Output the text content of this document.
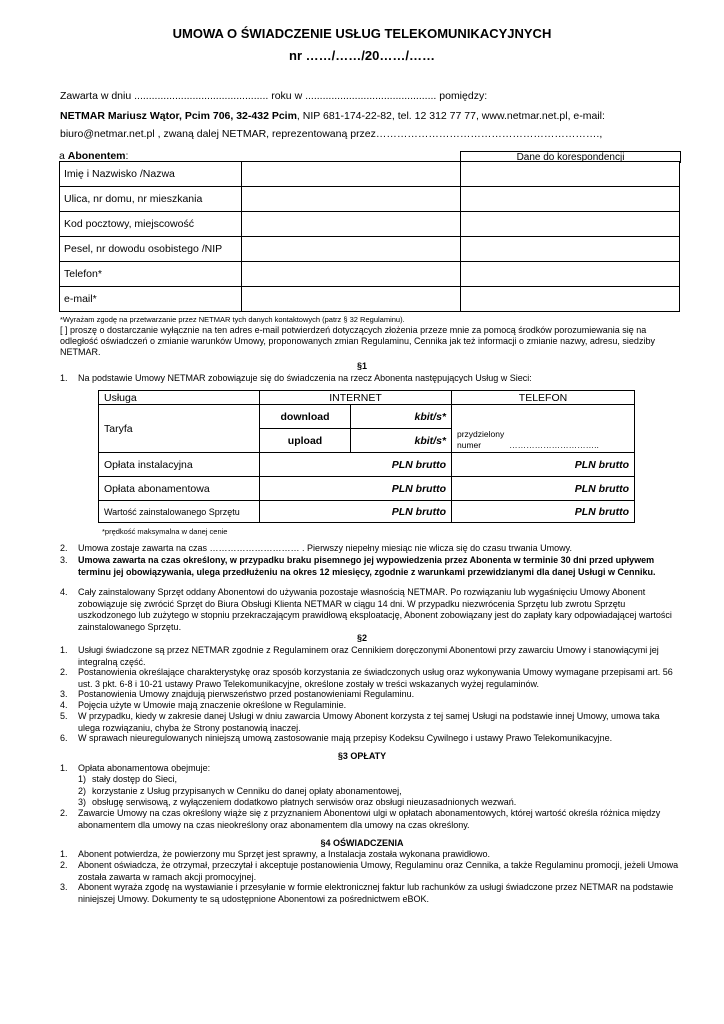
UMOWA O ŚWIADCZENIE USŁUG TELEKOMUNIKACYJNYCH
nr ……/……/20……/……
Zawarta w dniu .............................................. roku w ............................................. pomiędzy:
NETMAR Mariusz Wątor, Pcim 706, 32-432 Pcim, NIP 681-174-22-82, tel. 12 312 77 77, www.netmar.net.pl, e-mail:
biuro@netmar.net.pl , zwaną dalej NETMAR, reprezentowaną przez……………………………………………………….,
a Abonentem:	Dane do korespondencji
Imię i Nazwisko /Nazwa		
Ulica, nr domu, nr mieszkania		
Kod pocztowy, miejscowość		
Pesel, nr dowodu osobistego /NIP		
Telefon*		
e-mail*		
*Wyrażam zgodę na przetwarzanie przez NETMAR tych danych kontaktowych (patrz § 32 Regulaminu).
[ ] proszę o dostarczanie wyłącznie na ten adres e-mail potwierdzeń dotyczących złożenia przeze mnie za pomocą środków porozumiewania się na odległość oświadczeń o zmianie warunków Umowy, proponowanych zmian Regulaminu, Cennika jak też informacji o zmianie nazwy, adresu, siedziby NETMAR.
§1
1. Na podstawie Umowy NETMAR zobowiązuje się do świadczenia na rzecz Abonenta następujących Usług w Sieci:
Usługa	INTERNET		TELEFON
Taryfa	download	kbit/s*	przydzielony
numer …………………………..

	upload	kbit/s*	
Opłata instalacyjna	PLN brutto		PLN brutto
Opłata abonamentowa	PLN brutto		PLN brutto
Wartość zainstalowanego Sprzętu	PLN brutto		PLN brutto
*prędkość maksymalna w danej cenie
2. Umowa zostaje zawarta na czas ………………………… . Pierwszy niepełny miesiąc nie wlicza się do czasu trwania Umowy.
3. Umowa zawarta na czas określony, w przypadku braku pisemnego jej wypowiedzenia przez Abonenta w terminie 30 dni przed upływem terminu jej obowiązywania, ulega przedłużeniu na okres 12 miesięcy, zgodnie z warunkami przewidzianymi dla danej Usługi w Cenniku.
4. Cały zainstalowany Sprzęt oddany Abonentowi do używania pozostaje własnością NETMAR. Po rozwiązaniu lub wygaśnięciu Umowy Abonent zobowiązuje się zwrócić Sprzęt do Biura Obsługi Klienta NETMAR w ciągu 14 dni. W przypadku niezwrócenia Sprzętu lub zwrotu Sprzętu uszkodzonego lub zużytego w stopniu przekraczającym prawidłową eksploatację, Abonent zobowiązany jest do zapłaty kary odpowiadającej wartości zainstalowanego Sprzętu.
§2
1. Usługi świadczone są przez NETMAR zgodnie z Regulaminem oraz Cennikiem doręczonymi Abonentowi przy zawarciu Umowy i stanowiącymi jej integralną część.
2. Postanowienia określające charakterystykę oraz sposób korzystania ze świadczonych usług oraz wykonywania Umowy wymagane przepisami art. 56 ust. 3 pkt. 6-8 i 10-21 ustawy Prawo Telekomunikacyjne, określone zostały w treści wskazanych wyżej regulaminów.
3. Postanowienia Umowy znajdują pierwszeństwo przed postanowieniami Regulaminu.
4. Pojęcia użyte w Umowie mają znaczenie określone w Regulaminie.
5. W przypadku, kiedy w zakresie danej Usługi w dniu zawarcia Umowy Abonent korzysta z tej samej Usługi na podstawie innej Umowy, umowa taka ulega rozwiązaniu, chyba że Strony postanowią inaczej.
6. W sprawach nieuregulowanych niniejszą umową zastosowanie mają przepisy Kodeksu Cywilnego i ustawy Prawo Telekomunikacyjne.
§3 OPŁATY
1. Opłata abonamentowa obejmuje:
1) stały dostęp do Sieci,
2) korzystanie z Usług przypisanych w Cenniku do danej opłaty abonamentowej,
3) obsługę serwisową, z wyłączeniem dodatkowo płatnych serwisów oraz obsługi nieuzasadnionych wezwań.
2. Zawarcie Umowy na czas określony wiąże się z przyznaniem Abonentowi ulgi w opłatach abonamentowych, której wartość określa różnica między abonamentem dla umowy na czas nieokreślony oraz abonamentem dla umowy na czas określony.
§4 OŚWIADCZENIA
1. Abonent potwierdza, że powierzony mu Sprzęt jest sprawny, a Instalacja została wykonana prawidłowo.
2. Abonent oświadcza, że otrzymał, przeczytał i akceptuje postanowienia Umowy, Regulaminu oraz Cennika, a także Regulaminu promocji, jeżeli Umowa została zawarta w ramach akcji promocyjnej.
3. Abonent wyraża zgodę na wystawianie i przesyłanie w formie elektronicznej faktur lub rachunków za usługi świadczone przez NETMAR na podstawie niniejszej Umowy. Dokumenty te są udostępnione Abonentowi za pośrednictwem eBOK.
